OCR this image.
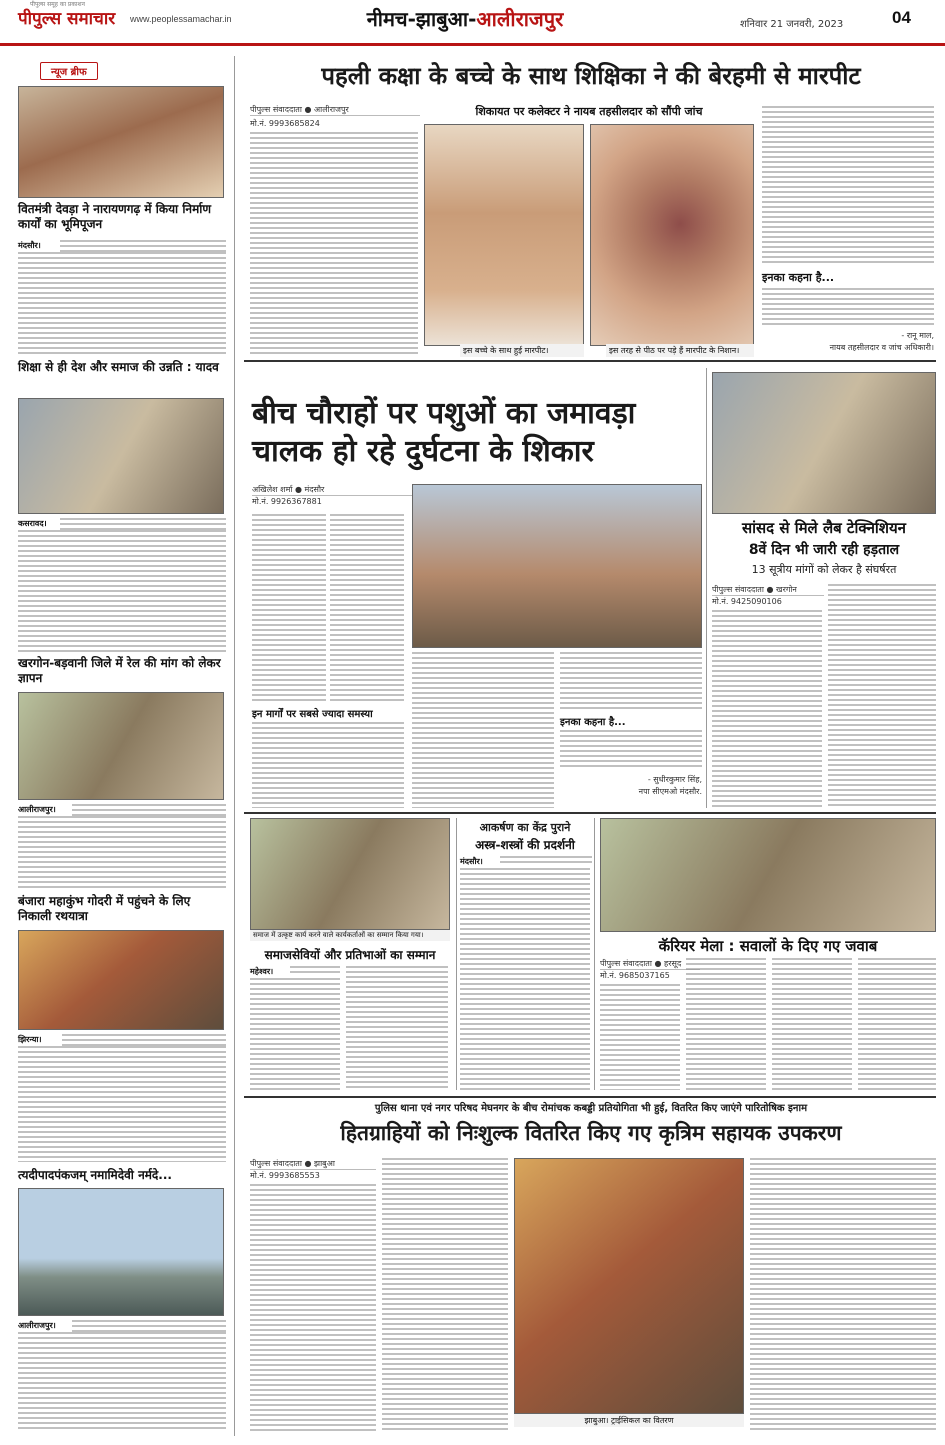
पीपुल्स समूह का प्रकाशन
पीपुल्स समाचार www.peoplessamachar.in	नीमच-झाबुआ-आलीराजपुर	शनिवार 21 जनवरी, 2023	04
न्यूज ब्रीफ
वितमंत्री देवड़ा ने नारायणगढ़ में किया निर्माण कार्यों का भूमिपूजन
मंदसौर।
शिक्षा से ही देश और समाज की उन्नति : यादव
कसरावद।
खरगोन-बड़वानी जिले में रेल की मांग को लेकर ज्ञापन
आलीराजपुर।
बंजारा महाकुंभ गोदरी में पहुंचने के लिए निकाली रथयात्रा
झिरन्या।
त्यदीपादपंकजम् नमामिदेवी नर्मदे...
आलीराजपुर।
पहली कक्षा के बच्चे के साथ शिक्षिका ने की बेरहमी से मारपीट
पीपुल्स संवाददाता ● आलीराजपुर
मो.नं. 9993685824
शिकायत पर कलेक्टर ने नायब तहसीलदार को सौंपी जांच
इस बच्चे के साथ हुई मारपीट।	इस तरह से पीठ पर पड़े हैं मारपीट के निशान।
इनका कहना है...
- रानू माल,
नायब तहसीलदार व जांच अधिकारी।
बीच चौराहों पर पशुओं का जमावड़ा
चालक हो रहे दुर्घटना के शिकार
अखिलेश शर्मा ● मंदसौर
मो.नं. 9926367881
इन मार्गों पर सबसे ज्यादा समस्या
इनका कहना है...
- सुधीरकुमार सिंह,
नपा सीएमओ मंदसौर.
सांसद से मिले लैब टेक्निशियन
8वें दिन भी जारी रही हड़ताल
13 सूत्रीय मांगों को लेकर है संघर्षरत
पीपुल्स संवाददाता ● खरगोन
मो.नं. 9425090106
समाज में उत्कृष्ट कार्य करने वाले कार्यकर्ताओं का सम्मान किया गया।
समाजसेवियों और प्रतिभाओं का सम्मान
महेश्वर।
आकर्षण का केंद्र पुराने
अस्त्र-शस्त्रों की प्रदर्शनी
मंदसौर।
कॅरियर मेला : सवालों के दिए गए जवाब
पीपुल्स संवाददाता ● हरसूद
मो.नं. 9685037165
पुलिस थाना एवं नगर परिषद मेघनगर के बीच रोमांचक कबड्डी प्रतियोगिता भी हुई, वितरित किए जाएंगे पारितोषिक इनाम
हितग्राहियों को निःशुल्क वितरित किए गए कृत्रिम सहायक उपकरण
पीपुल्स संवाददाता ● झाबुआ
मो.नं. 9993685553
झाबुआ। ट्राईसिकल का वितरण
